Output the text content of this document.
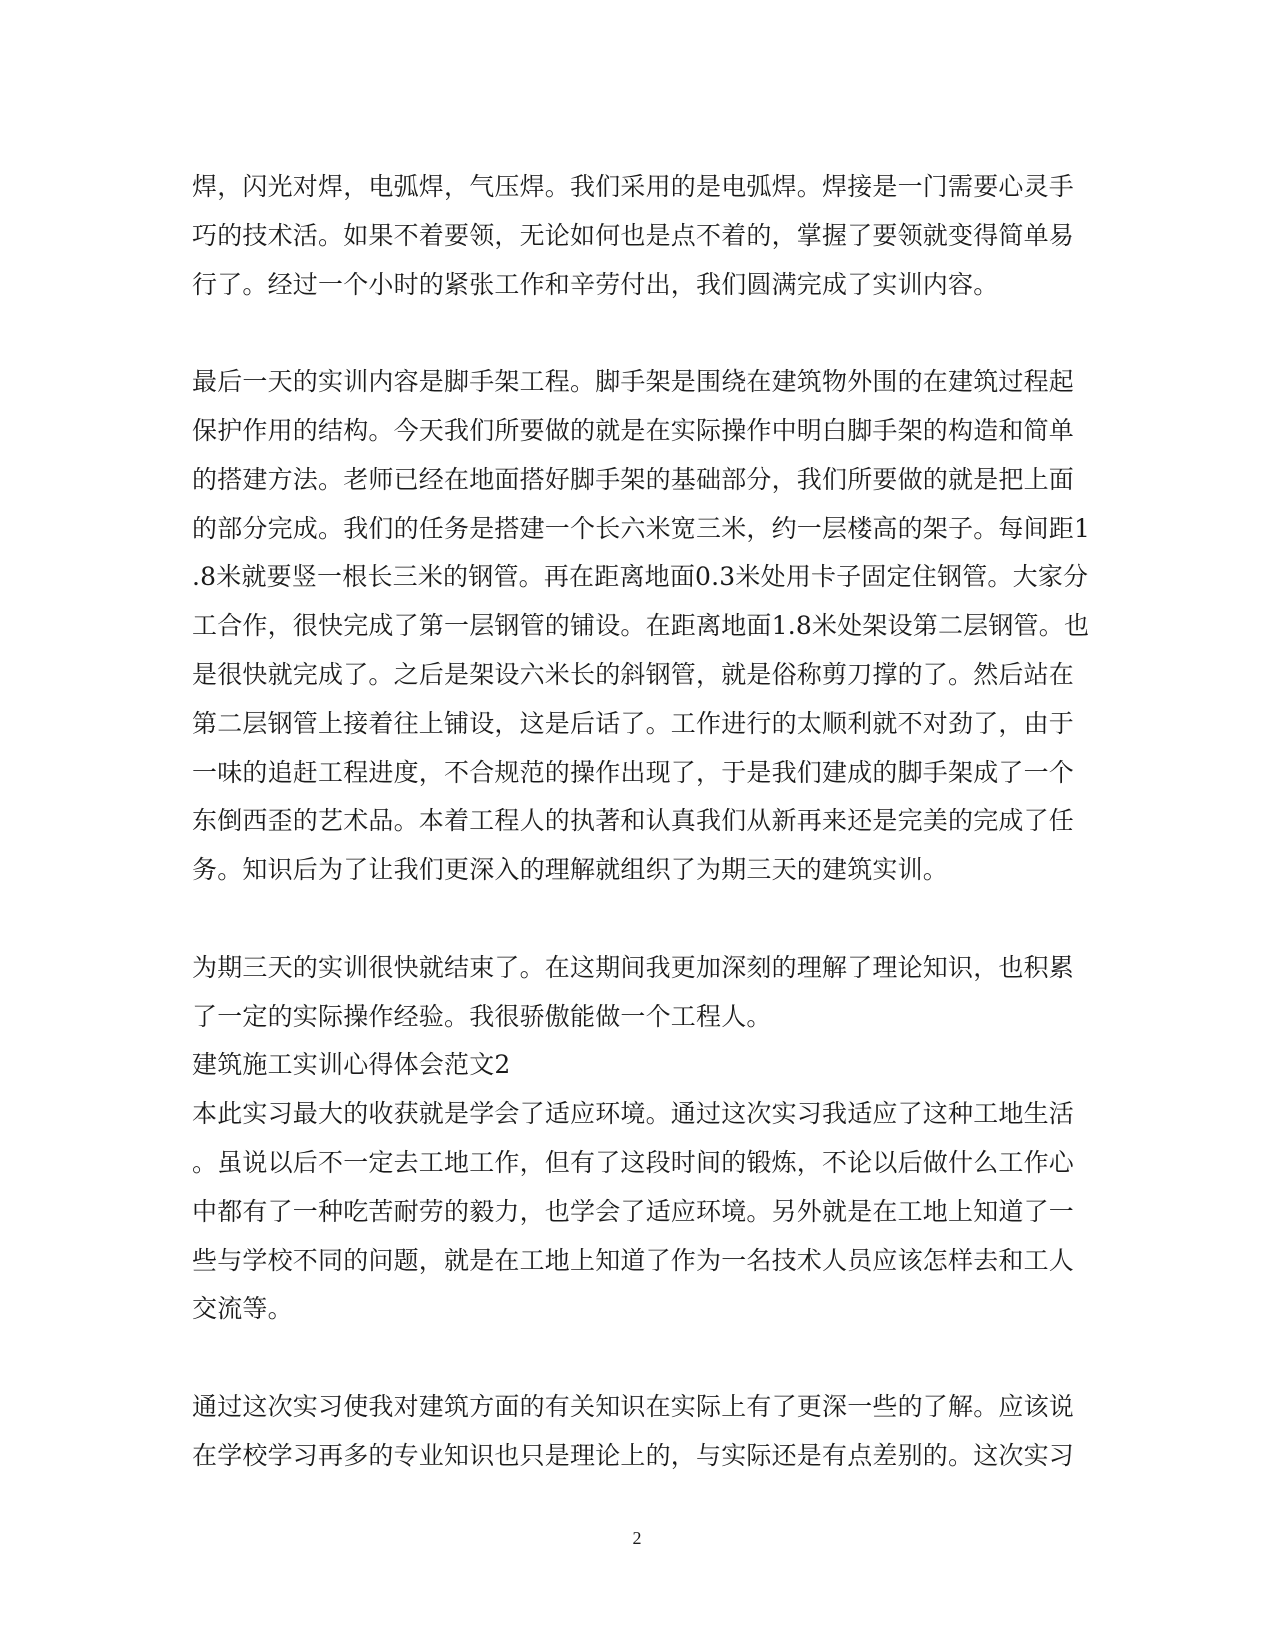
焊，闪光对焊，电弧焊，气压焊。我们采用的是电弧焊。焊接是一门需要心灵手
巧的技术活。如果不着要领，无论如何也是点不着的，掌握了要领就变得简单易
行了。经过一个小时的紧张工作和辛劳付出，我们圆满完成了实训内容。
最后一天的实训内容是脚手架工程。脚手架是围绕在建筑物外围的在建筑过程起
保护作用的结构。今天我们所要做的就是在实际操作中明白脚手架的构造和简单
的搭建方法。老师已经在地面搭好脚手架的基础部分，我们所要做的就是把上面
的部分完成。我们的任务是搭建一个长六米宽三米，约一层楼高的架子。每间距1
.8米就要竖一根长三米的钢管。再在距离地面0.3米处用卡子固定住钢管。大家分
工合作，很快完成了第一层钢管的铺设。在距离地面1.8米处架设第二层钢管。也
是很快就完成了。之后是架设六米长的斜钢管，就是俗称剪刀撑的了。然后站在
第二层钢管上接着往上铺设，这是后话了。工作进行的太顺利就不对劲了，由于
一味的追赶工程进度，不合规范的操作出现了，于是我们建成的脚手架成了一个
东倒西歪的艺术品。本着工程人的执著和认真我们从新再来还是完美的完成了任
务。知识后为了让我们更深入的理解就组织了为期三天的建筑实训。
为期三天的实训很快就结束了。在这期间我更加深刻的理解了理论知识，也积累
了一定的实际操作经验。我很骄傲能做一个工程人。
建筑施工实训心得体会范文2
本此实习最大的收获就是学会了适应环境。通过这次实习我适应了这种工地生活
。虽说以后不一定去工地工作，但有了这段时间的锻炼，不论以后做什么工作心
中都有了一种吃苦耐劳的毅力，也学会了适应环境。另外就是在工地上知道了一
些与学校不同的问题，就是在工地上知道了作为一名技术人员应该怎样去和工人
交流等。
通过这次实习使我对建筑方面的有关知识在实际上有了更深一些的了解。应该说
在学校学习再多的专业知识也只是理论上的，与实际还是有点差别的。这次实习
2
